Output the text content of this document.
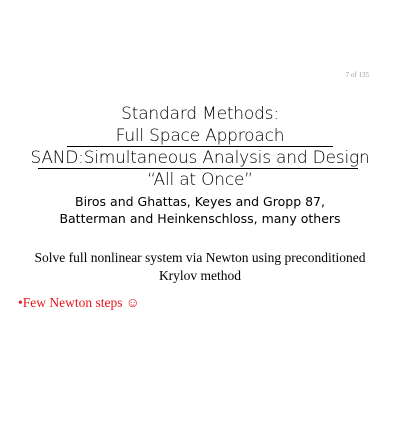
7 of 135
Standard Methods:
Full Space Approach
SAND:Simultaneous Analysis and Design
“All at Once”
Biros and Ghattas, Keyes and Gropp 87,
Batterman and Heinkenschloss, many others
Solve full nonlinear system via Newton using preconditioned
Krylov method
•Few Newton steps ☺
